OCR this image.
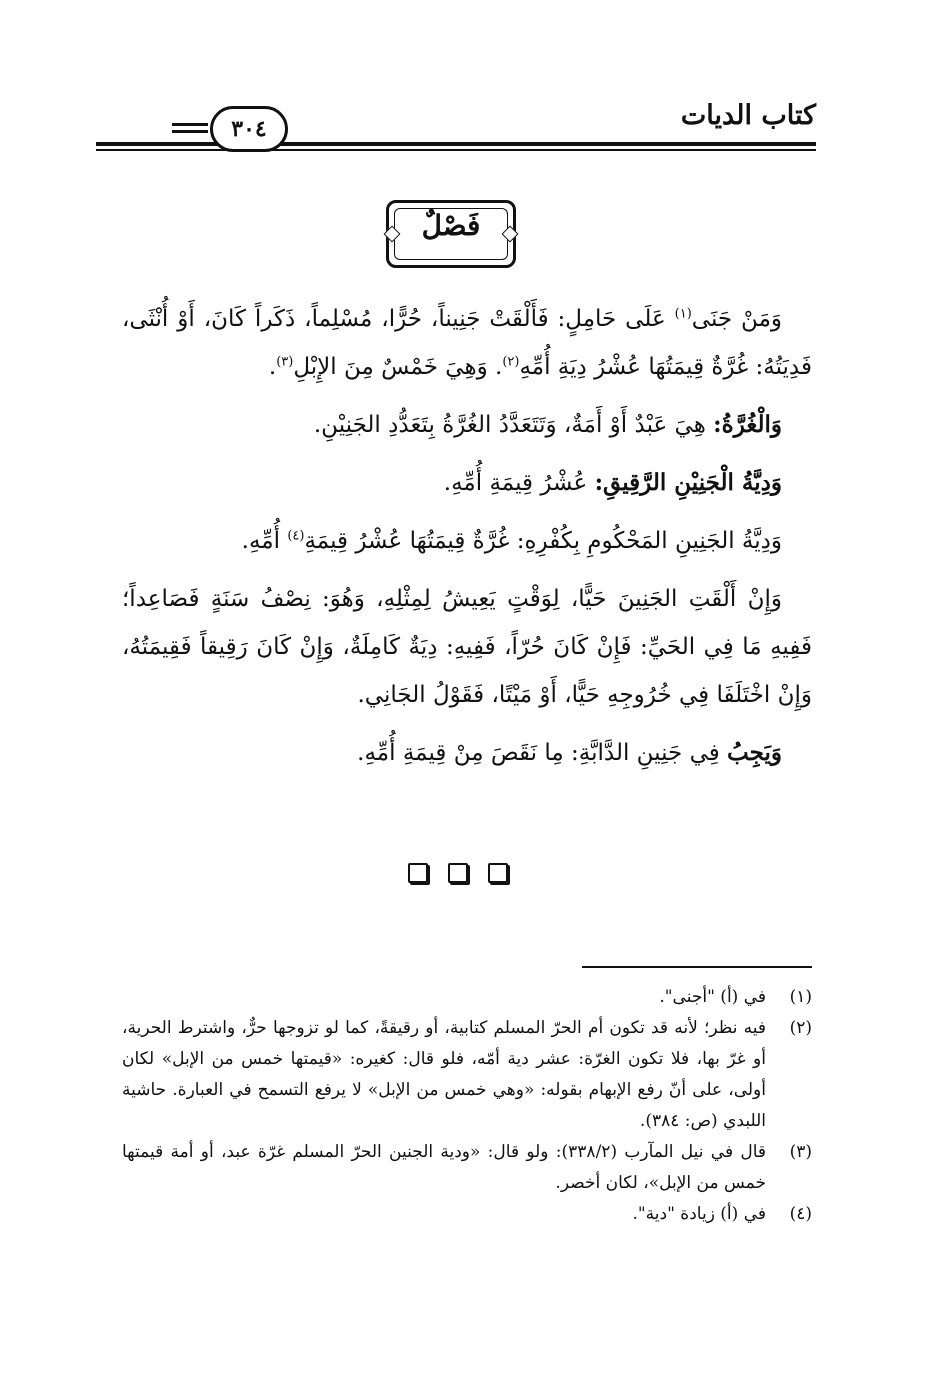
كتاب الديات
٣٠٤
فَصْلٌ

وَمَنْ جَنَى$^{(١)}$ عَلَى حَامِلٍ: فَأَلْقَتْ جَنِيناً، حُرًّا، مُسْلِماً، ذَكَراً كَانَ، أَوْ أُنْثَى، فَدِيَتُهُ: غُرَّةٌ قِيمَتُهَا عُشْرُ دِيَةِ أُمِّهِ$^{(٢)}$. وَهِيَ خَمْسٌ مِنَ الإِبْلِ$^{(٣)}$.

وَالْغُرَّةُ: هِيَ عَبْدٌ أَوْ أَمَةٌ، وَتَتَعَدَّدُ الغُرَّةُ بِتَعَدُّدِ الجَنِيْنِ.

وَدِيَّةُ الْجَنِيْنِ الرَّقِيقِ: عُشْرُ قِيمَةِ أُمِّهِ.

وَدِيَّةُ الجَنِينِ المَحْكُومِ بِكُفْرِهِ: غُرَّةٌ قِيمَتُهَا عُشْرُ قِيمَةِ$^{(٤)}$ أُمِّهِ.

وَإِنْ أَلْقَتِ الجَنِينَ حَيًّا، لِوَقْتٍ يَعِيشُ لِمِثْلِهِ، وَهُوَ: نِصْفُ سَنَةٍ فَصَاعِداً؛ فَفِيهِ مَا فِي الحَيِّ: فَإِنْ كَانَ حُرّاً، فَفِيهِ: دِيَةٌ كَامِلَةٌ، وَإِنْ كَانَ رَقِيقاً فَقِيمَتُهُ، وَإِنْ اخْتَلَفَا فِي خُرُوجِهِ حَيًّا، أَوْ مَيْتًا، فَقَوْلُ الجَانِي.

وَيَجِبُ فِي جَنِينِ الدَّابَّةِ: مِا نَقَصَ مِنْ قِيمَةِ أُمِّهِ.

(١)
في (أ) "أجنى".
(٢)
فيه نظر؛ لأنه قد تكون أم الحرّ المسلم كتابية، أو رقيقةً، كما لو تزوجها حرٌّ، واشترط الحرية، أو غرّ بها، فلا تكون الغرّة: عشر دية أمّه، فلو قال: كغيره: «قيمتها خمس من الإبل» لكان أولى، على أنّ رفع الإبهام بقوله: «وهي خمس من الإبل» لا يرفع التسمح في العبارة. حاشية اللبدي (ص: ٣٨٤).
(٣)
قال في نيل المآرب (٣٣٨/٢): ولو قال: «ودية الجنين الحرّ المسلم غرّة عبد، أو أمة قيمتها خمس من الإبل»، لكان أخصر.
(٤)
في (أ) زيادة "دية".
